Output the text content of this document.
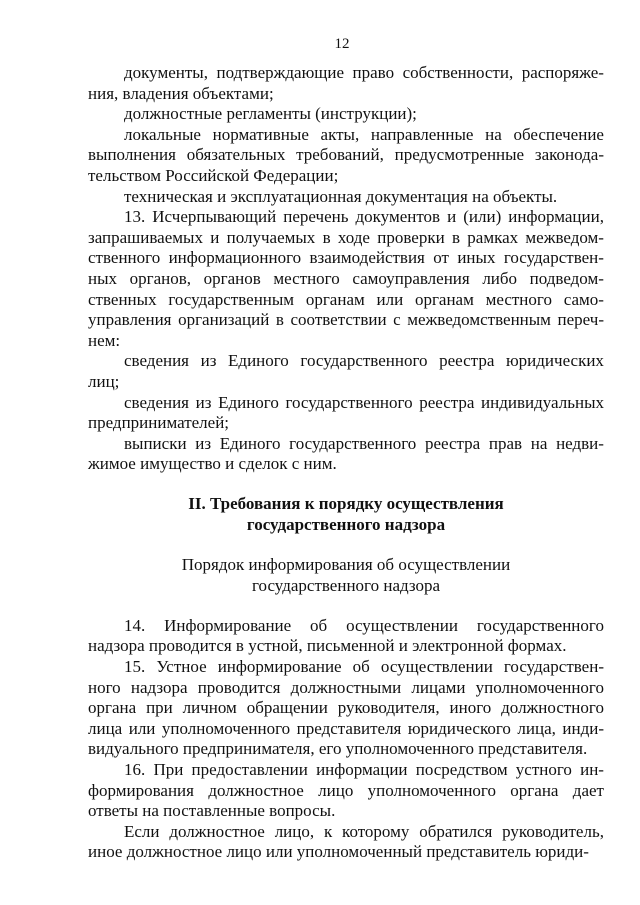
12
документы, подтверждающие право собственности, распоряже-
ния, владения объектами;
должностные регламенты (инструкции);
локальные нормативные акты, направленные на обеспечение
выполнения обязательных требований, предусмотренные законода-
тельством Российской Федерации;
техническая и эксплуатационная документация на объекты.
13. Исчерпывающий перечень документов и (или) информации,
запрашиваемых и получаемых в ходе проверки в рамках межведом-
ственного информационного взаимодействия от иных государствен-
ных органов, органов местного самоуправления либо подведом-
ственных государственным органам или органам местного само-
управления организаций в соответствии с межведомственным переч-
нем:
сведения из Единого государственного реестра юридических
лиц;
сведения из Единого государственного реестра индивидуальных
предпринимателей;
выписки из Единого государственного реестра прав на недви-
жимое имущество и сделок с ним.
II. Требования к порядку осуществления
государственного надзора
Порядок информирования об осуществлении
государственного надзора
14. Информирование об осуществлении государственного
надзора проводится в устной, письменной и электронной формах.
15. Устное информирование об осуществлении государствен-
ного надзора проводится должностными лицами уполномоченного
органа при личном обращении руководителя, иного должностного
лица или уполномоченного представителя юридического лица, инди-
видуального предпринимателя, его уполномоченного представителя.
16. При предоставлении информации посредством устного ин-
формирования должностное лицо уполномоченного органа дает
ответы на поставленные вопросы.
Если должностное лицо, к которому обратился руководитель,
иное должностное лицо или уполномоченный представитель юриди-
